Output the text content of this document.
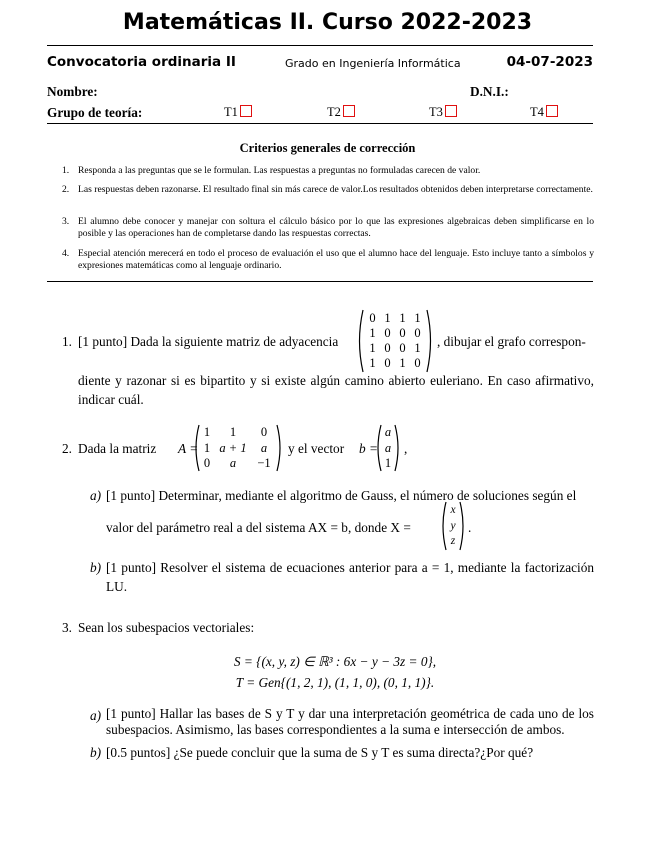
Matemáticas II. Curso 2022-2023
Convocatoria ordinaria II	Grado en Ingeniería Informática	04-07-2023
Nombre:	D.N.I.:
Grupo de teoría:	T1	T2	T3	T4
Criterios generales de corrección
1. Responda a las preguntas que se le formulan. Las respuestas a preguntas no formuladas carecen de valor.
2. Las respuestas deben razonarse. El resultado final sin más carece de valor.Los resultados obtenidos deben interpretarse correctamente.
3. El alumno debe conocer y manejar con soltura el cálculo básico por lo que las expresiones algebraicas deben simplificarse en lo posible y las operaciones han de completarse dando las respuestas correctas.
4. Especial atención merecerá en todo el proceso de evaluación el uso que el alumno hace del lenguaje. Esto incluye tanto a símbolos y expresiones matemáticas como al lenguaje ordinario.
1. [1 punto] Dada la siguiente matriz de adyacencia
0 1 1 1
1 0 0 0
1 0 0 1
1 0 1 0
, dibujar el grafo correspon-
diente y razonar si es bipartito y si existe algún camino abierto euleriano. En caso afirmativo, indicar cuál.
2. Dada la matriz A =
1	1	0
1 a + 1	a
0	a	−1
y el vector b =
a
a
1
,
a) [1 punto] Determinar, mediante el algoritmo de Gauss, el número de soluciones según el
valor del parámetro real a del sistema AX = b, donde X =
x
y
z
.
b) [1 punto] Resolver el sistema de ecuaciones anterior para a = 1, mediante la factorización LU.
3. Sean los subespacios vectoriales:
S = {(x, y, z) ∈ ℝ³ : 6x − y − 3z = 0},
T = Gen{(1, 2, 1), (1, 1, 0), (0, 1, 1)}.
a) [1 punto] Hallar las bases de S y T y dar una interpretación geométrica de cada uno de los subespacios. Asimismo, las bases correspondientes a la suma e intersección de ambos.
b) [0.5 puntos] ¿Se puede concluir que la suma de S y T es suma directa?¿Por qué?
